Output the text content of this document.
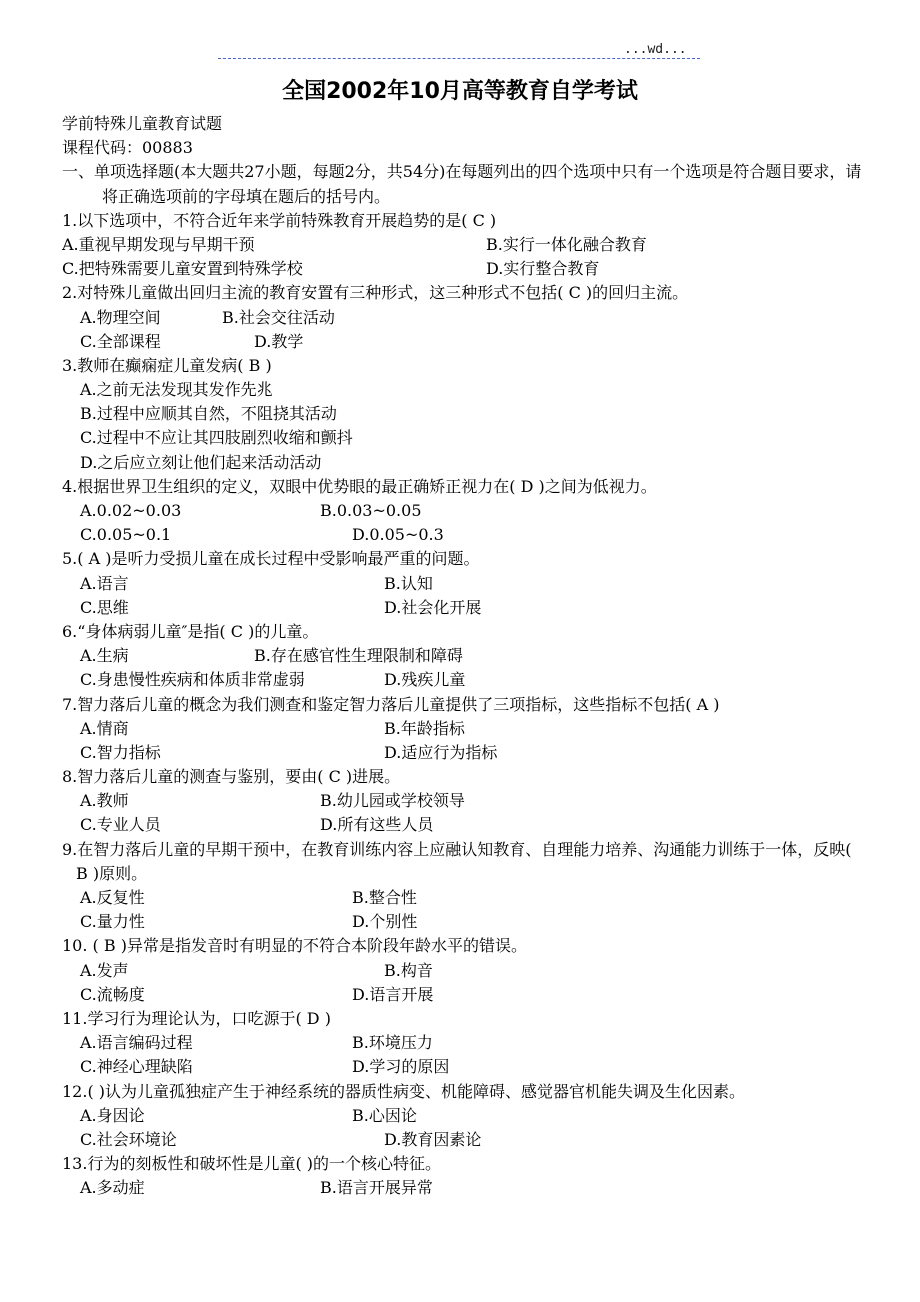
...wd...
全国2002年10月高等教育自学考试
学前特殊儿童教育试题
课程代码：00883
一、单项选择题(本大题共27小题，每题2分，共54分)在每题列出的四个选项中只有一个选项是符合题目要求，请将正确选项前的字母填在题后的括号内。
1.以下选项中，不符合近年来学前特殊教育开展趋势的是( C )
A.重视早期发现与早期干预	B.实行一体化融合教育
C.把特殊需要儿童安置到特殊学校	D.实行整合教育
2.对特殊儿童做出回归主流的教育安置有三种形式，这三种形式不包括( C )的回归主流。
A.物理空间	B.社会交往活动
C.全部课程	D.教学
3.教师在癫痫症儿童发病( B )
A.之前无法发现其发作先兆
B.过程中应顺其自然，不阻挠其活动
C.过程中不应让其四肢剧烈收缩和颤抖
D.之后应立刻让他们起来活动活动
4.根据世界卫生组织的定义，双眼中优势眼的最正确矫正视力在( D )之间为低视力。
A.0.02~0.03	B.0.03~0.05
C.0.05~0.1	D.0.05~0.3
5.( A )是听力受损儿童在成长过程中受影响最严重的问题。
A.语言	B.认知
C.思维	D.社会化开展
6.“身体病弱儿童″是指( C )的儿童。
A.生病	B.存在感官性生理限制和障碍
C.身患慢性疾病和体质非常虚弱	D.残疾儿童
7.智力落后儿童的概念为我们测查和鉴定智力落后儿童提供了三项指标，这些指标不包括( A )
A.情商	B.年龄指标
C.智力指标	D.适应行为指标
8.智力落后儿童的测查与鉴别，要由( C )进展。
A.教师	B.幼儿园或学校领导
C.专业人员	D.所有这些人员
9.在智力落后儿童的早期干预中，在教育训练内容上应融认知教育、自理能力培养、沟通能力训练于一体，反映( B )原则。
A.反复性	B.整合性
C.量力性	D.个别性
10. ( B )异常是指发音时有明显的不符合本阶段年龄水平的错误。
A.发声	B.构音
C.流畅度	D.语言开展
11.学习行为理论认为，口吃源于( D )
A.语言编码过程	B.环境压力
C.神经心理缺陷	D.学习的原因
12.( )认为儿童孤独症产生于神经系统的器质性病变、机能障碍、感觉器官机能失调及生化因素。
A.身因论	B.心因论
C.社会环境论	D.教育因素论
13.行为的刻板性和破坏性是儿童( )的一个核心特征。
A.多动症	B.语言开展异常
